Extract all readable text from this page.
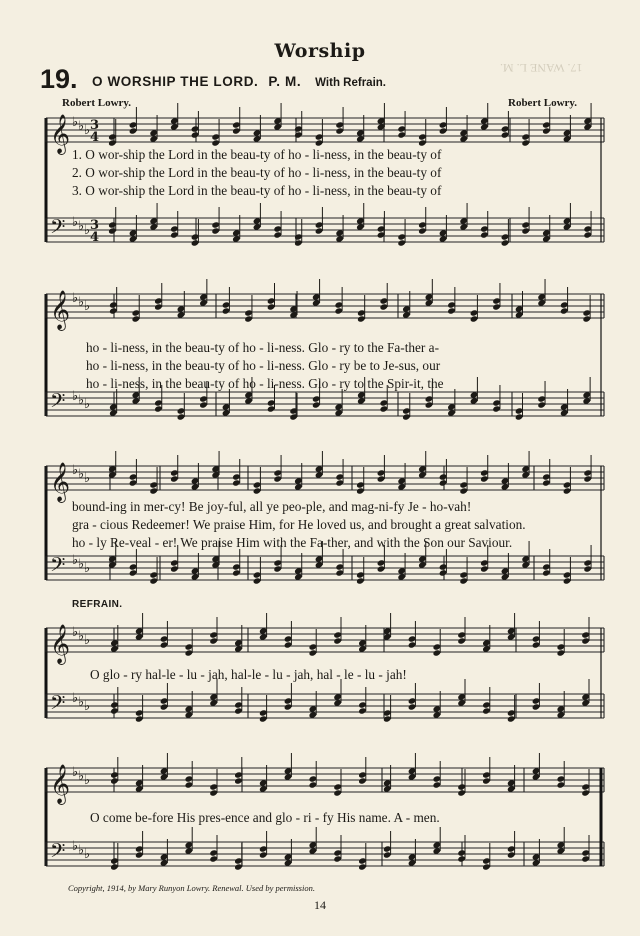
Worship
17. WANE L. M.
19. O WORSHIP THE LORD. P. M. With Refrain.
Robert Lowry.	Robert Lowry.
𝄞 ♭ ♭ ♭
𝄢 ♭ ♭ ♭
3
3
4
4
𝄞 ♭ ♭ ♭
𝄢 ♭ ♭ ♭
𝄞 ♭ ♭ ♭
𝄢 ♭ ♭ ♭
𝄞 ♭ ♭ ♭
𝄢 ♭ ♭ ♭
𝄞 ♭ ♭ ♭
𝄢 ♭ ♭ ♭
1. O wor-ship the Lord in the beau-ty of ho - li-ness, in the beau-ty of
2. O wor-ship the Lord in the beau-ty of ho - li-ness, in the beau-ty of
3. O wor-ship the Lord in the beau-ty of ho - li-ness, in the beau-ty of
ho - li-ness, in the beau-ty of ho - li-ness. Glo - ry to the Fa-ther a-
ho - li-ness, in the beau-ty of ho - li-ness. Glo - ry be to Je-sus, our
ho - li-ness, in the beau-ty of ho - li-ness. Glo - ry to the Spir-it, the
bound-ing in mer-cy! Be joy-ful, all ye peo-ple, and mag-ni-fy Je - ho-vah!
gra - cious Redeemer! We praise Him, for He loved us, and brought a great salvation.
ho - ly Re-veal - er! We praise Him with the Fa-ther, and with the Son our Saviour.
REFRAIN.
O glo - ry hal-le - lu - jah, hal-le - lu - jah, hal - le - lu - jah!
O come be-fore His pres-ence and glo - ri - fy His name. A - men.
Copyright, 1914, by Mary Runyon Lowry. Renewal. Used by permission.
14
